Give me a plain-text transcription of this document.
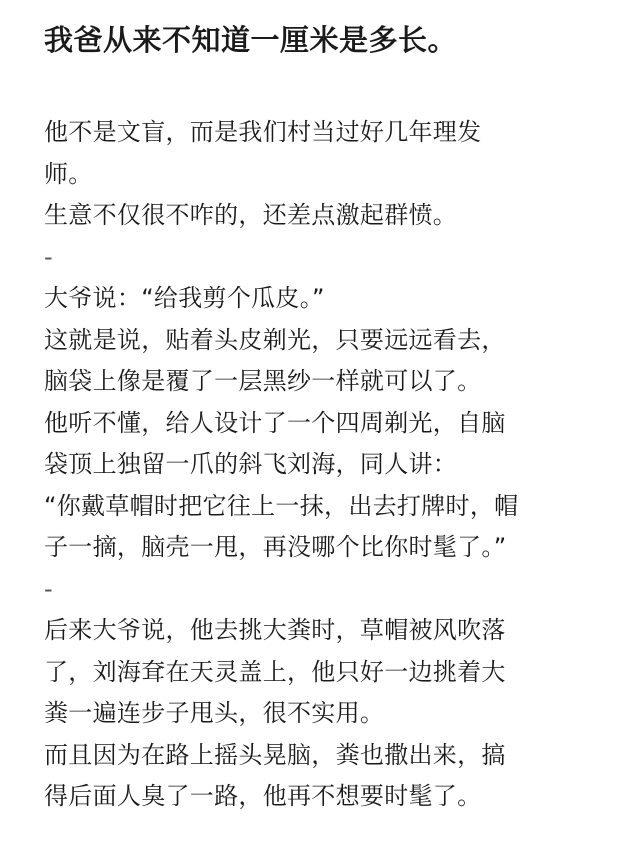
我爸从来不知道一厘米是多长。
他不是文盲，而是我们村当过好几年理发
师。
生意不仅很不咋的，还差点激起群愤。
-
大爷说：“给我剪个瓜皮。”
这就是说，贴着头皮剃光，只要远远看去，
脑袋上像是覆了一层黑纱一样就可以了。
他听不懂，给人设计了一个四周剃光，自脑
袋顶上独留一爪的斜飞刘海，同人讲：
“你戴草帽时把它往上一抹，出去打牌时，帽
子一摘，脑壳一甩，再没哪个比你时髦了。”
-
后来大爷说，他去挑大粪时，草帽被风吹落
了，刘海耷在天灵盖上，他只好一边挑着大
粪一遍连步子甩头，很不实用。
而且因为在路上摇头晃脑，粪也撒出来，搞
得后面人臭了一路，他再不想要时髦了。
